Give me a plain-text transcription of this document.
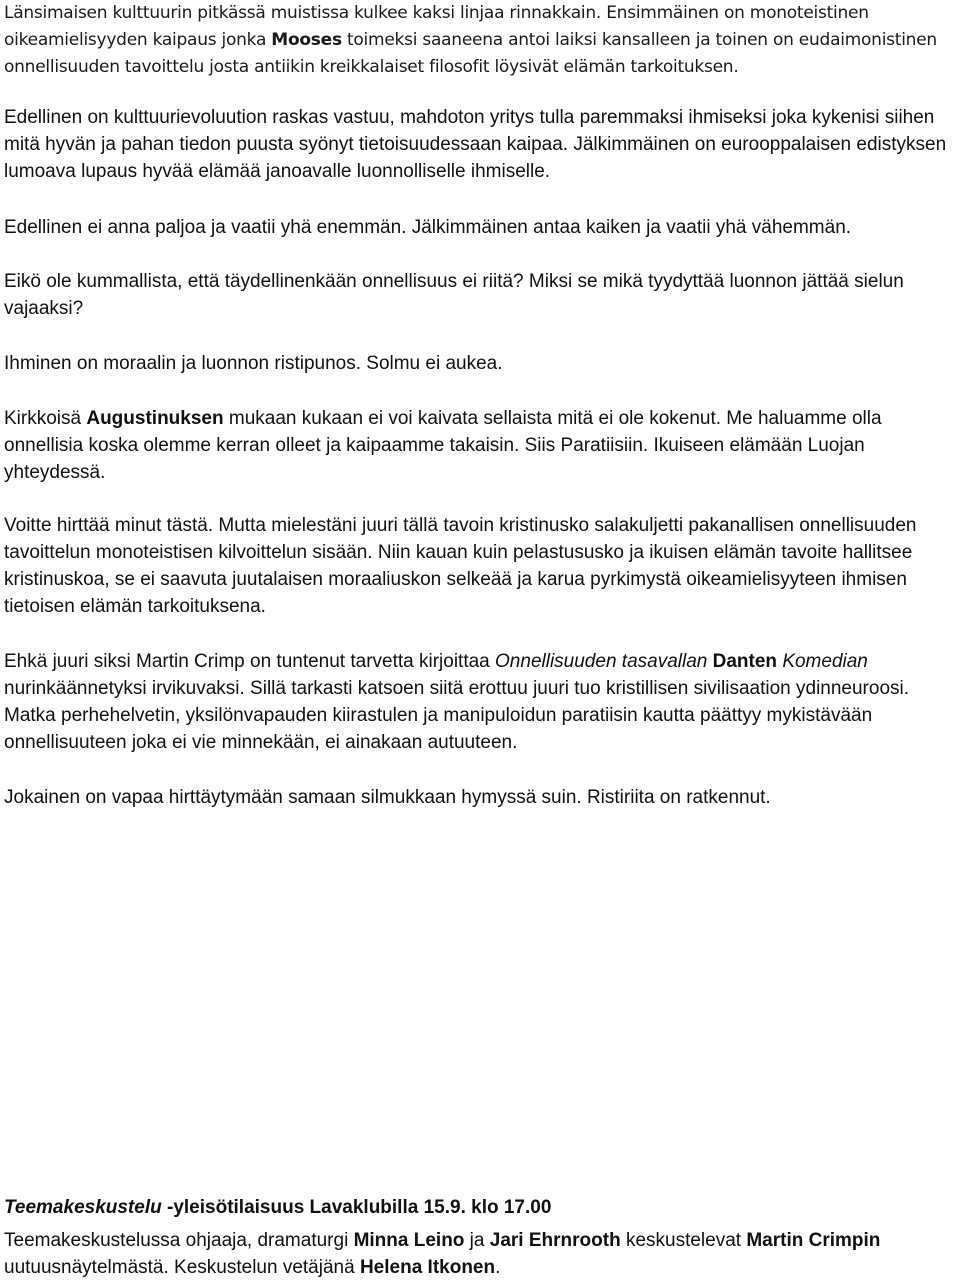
Länsimaisen kulttuurin pitkässä muistissa kulkee kaksi linjaa rinnakkain. Ensimmäinen on monoteistinen oikeamielisyyden kaipaus jonka Mooses toimeksi saaneena antoi laiksi kansalleen ja toinen on eudaimonistinen onnellisuuden tavoittelu josta antiikin kreikkalaiset filosofit löysivät elämän tarkoituksen.

Edellinen on kulttuurievoluution raskas vastuu, mahdoton yritys tulla paremmaksi ihmiseksi joka kykenisi siihen mitä hyvän ja pahan tiedon puusta syönyt tietoisuudessaan kaipaa. Jälkimmäinen on eurooppalaisen edistyksen lumoava lupaus hyvää elämää janoavalle luonnolliselle ihmiselle.

Edellinen ei anna paljoa ja vaatii yhä enemmän. Jälkimmäinen antaa kaiken ja vaatii yhä vähemmän.

Eikö ole kummallista, että täydellinenkään onnellisuus ei riitä? Miksi se mikä tyydyttää luonnon jättää sielun vajaaksi?

Ihminen on moraalin ja luonnon ristipunos. Solmu ei aukea.

Kirkkoisä Augustinuksen mukaan kukaan ei voi kaivata sellaista mitä ei ole kokenut. Me haluamme olla onnellisia koska olemme kerran olleet ja kaipaamme takaisin. Siis Paratiisiin. Ikuiseen elämään Luojan yhteydessä.

Voitte hirttää minut tästä. Mutta mielestäni juuri tällä tavoin kristinusko salakuljetti pakanallisen onnellisuuden tavoittelun monoteistisen kilvoittelun sisään. Niin kauan kuin pelastususko ja ikuisen elämän tavoite hallitsee kristinuskoa, se ei saavuta juutalaisen moraaliuskon selkeää ja karua pyrkimystä oikeamielisyyteen ihmisen tietoisen elämän tarkoituksena.

Ehkä juuri siksi Martin Crimp on tuntenut tarvetta kirjoittaa Onnellisuuden tasavallan Danten Komedian nurinkäännetyksi irvikuvaksi. Sillä tarkasti katsoen siitä erottuu juuri tuo kristillisen sivilisaation ydinneuroosi. Matka perhehelvetin, yksilönvapauden kiirastulen ja manipuloidun paratiisin kautta päättyy mykistävään onnellisuuteen joka ei vie minnekään, ei ainakaan autuuteen.

Jokainen on vapaa hirttäytymään samaan silmukkaan hymyssä suin. Ristiriita on ratkennut.

Teemakeskustelu -yleisötilaisuus Lavaklubilla 15.9. klo 17.00

Teemakeskustelussa ohjaaja, dramaturgi Minna Leino ja Jari Ehrnrooth keskustelevat Martin Crimpin uutuusnäytelmästä. Keskustelun vetäjänä Helena Itkonen.
